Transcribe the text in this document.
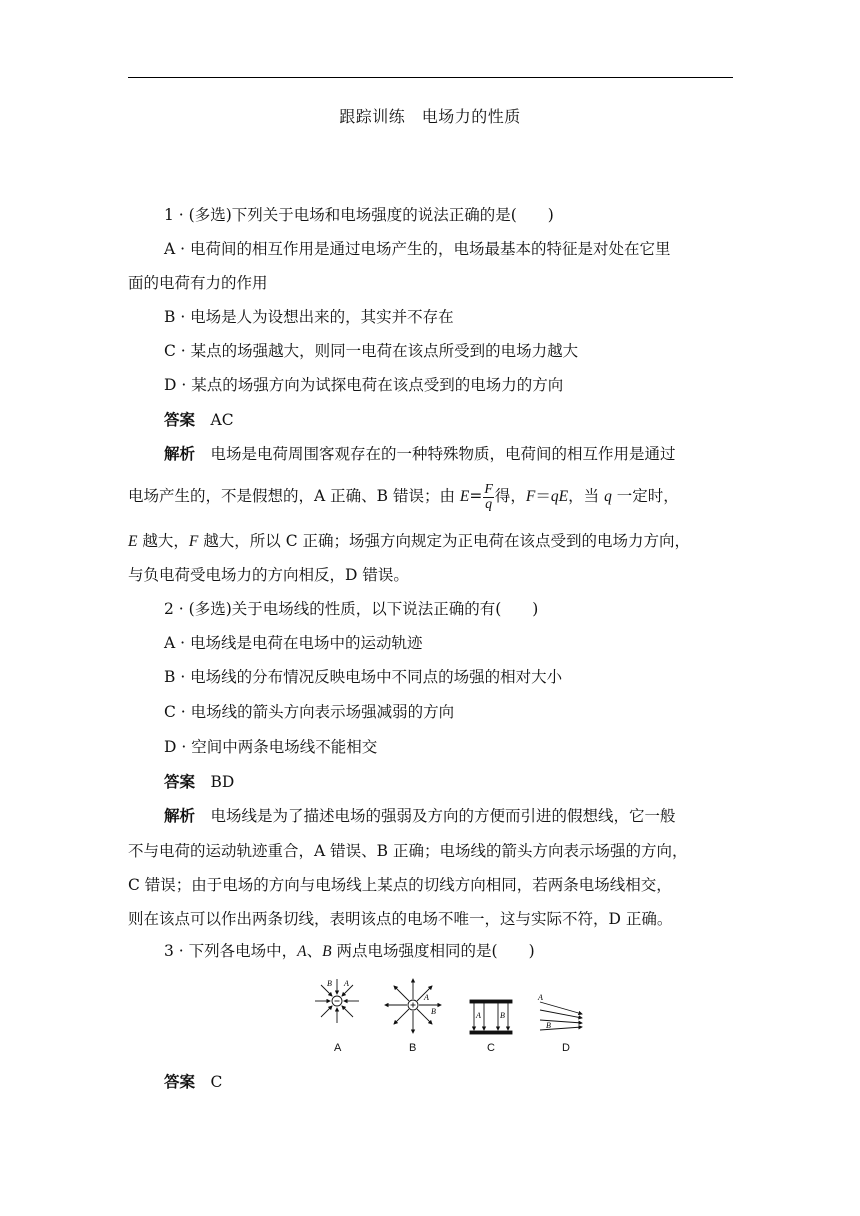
跟踪训练　电场力的性质
1 · (多选)下列关于电场和电场强度的说法正确的是(　　)
A · 电荷间的相互作用是通过电场产生的，电场最基本的特征是对处在它里
面的电荷有力的作用
B · 电场是人为设想出来的，其实并不存在
C · 某点的场强越大，则同一电荷在该点所受到的电场力越大
D · 某点的场强方向为试探电荷在该点受到的电场力的方向
答案　 AC
解析　 电场是电荷周围客观存在的一种特殊物质，电荷间的相互作用是通过
电场产生的，不是假想的，A 正确、B 错误；由 $E= \frac{F}{q}$ 得，F＝qE，当 q 一定时，
E 越大，F 越大，所以 C 正确；场强方向规定为正电荷在该点受到的电场力方向，
与负电荷受电场力的方向相反，D 错误。
2 · (多选)关于电场线的性质，以下说法正确的有(　　)
A · 电场线是电荷在电场中的运动轨迹
B · 电场线的分布情况反映电场中不同点的场强的相对大小
C · 电场线的箭头方向表示场强减弱的方向
D · 空间中两条电场线不能相交
答案　 BD
解析　 电场线是为了描述电场的强弱及方向的方便而引进的假想线，它一般
不与电荷的运动轨迹重合，A 错误、B 正确；电场线的箭头方向表示场强的方向，
C 错误；由于电场的方向与电场线上某点的切线方向相同，若两条电场线相交，
则在该点可以作出两条切线，表明该点的电场不唯一，这与实际不符，D 正确。
3 · 下列各电场中，A、B 两点电场强度相同的是(　　)
B A
A
B	A B
A
B
A	B	C	D
答案　 C
